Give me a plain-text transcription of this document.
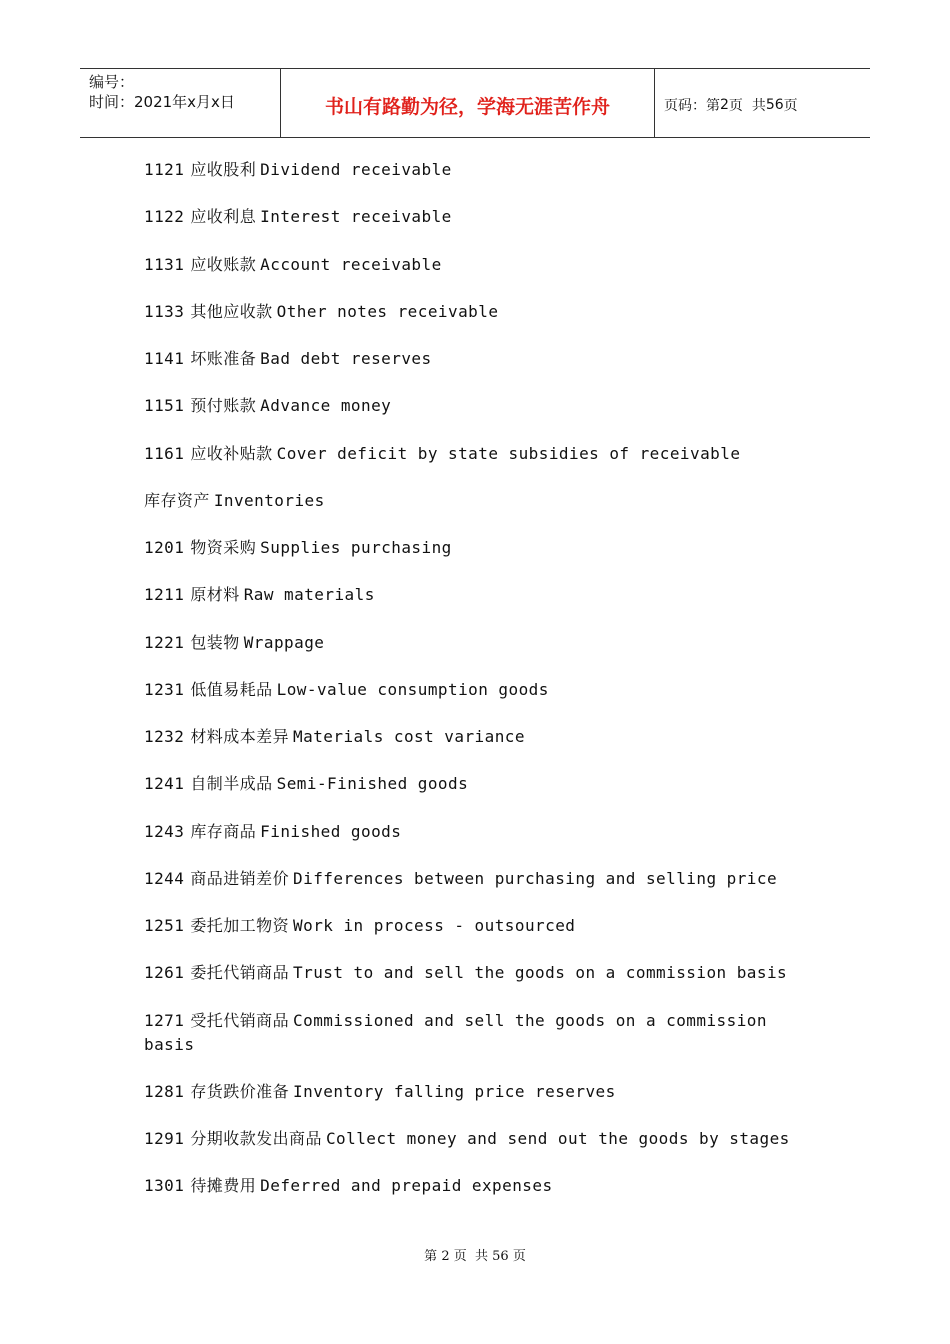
编号：
时间：2021年x月x日	书山有路勤为径，学海无涯苦作舟	页码：第 2 页  共 56 页
1121 应收股利 Dividend receivable
1122 应收利息 Interest receivable
1131 应收账款 Account receivable
1133 其他应收款 Other notes receivable
1141 坏账准备 Bad debt reserves
1151 预付账款 Advance money
1161 应收补贴款 Cover deficit by state subsidies of receivable
库存资产 Inventories
1201 物资采购 Supplies purchasing
1211 原材料 Raw materials
1221 包装物 Wrappage
1231 低值易耗品 Low-value consumption goods
1232 材料成本差异 Materials cost variance
1241 自制半成品 Semi-Finished goods
1243 库存商品 Finished goods
1244 商品进销差价 Differences between purchasing and selling price
1251 委托加工物资 Work in process - outsourced
1261 委托代销商品 Trust to and sell the goods on a commission basis
1271 受托代销商品 Commissioned and sell the goods on a commission basis
1281 存货跌价准备 Inventory falling price reserves
1291 分期收款发出商品 Collect money and send out the goods by stages
1301 待摊费用 Deferred and prepaid expenses
第 2 页  共 56 页
